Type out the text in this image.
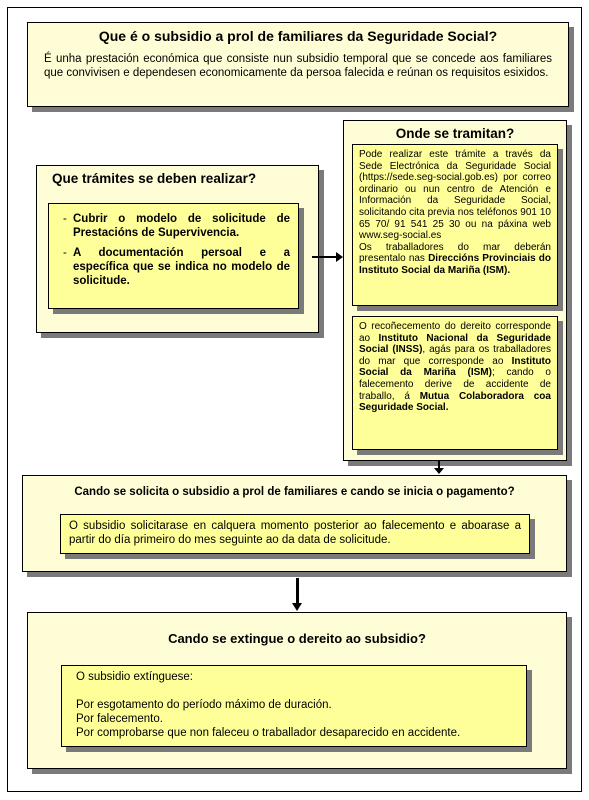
Que é o subsidio a prol de familiares da Seguridade Social?
É unha prestación económica que consiste nun subsidio temporal que se concede aos familiares que convivisen e dependesen economicamente da persoa falecida e reúnan os requisitos esixidos.
Que trámites se deben realizar?
- Cubrir o modelo de solicitude de Prestacións de Supervivencia.
- A documentación persoal e a específica que se indica no modelo de solicitude.
Onde se tramitan?
Pode realizar este trámite a través da Sede Electrónica da Seguridade Social (https://sede.seg-social.gob.es) por correo ordinario ou nun centro de Atención e Información da Seguridade Social, solicitando cita previa nos teléfonos 901 10 65 70/ 91 541 25 30 ou na páxina web www.seg-social.es
Os traballadores do mar deberán presentalo nas Direccións Provinciais do Instituto Social da Mariña (ISM).
O recoñecemento do dereito corresponde ao Instituto Nacional da Seguridade Social (INSS), agás para os traballadores do mar que corresponde ao Instituto Social da Mariña (ISM); cando o falecemento derive de accidente de traballo, á Mutua Colaboradora coa Seguridade Social.
Cando se solicita o subsidio a prol de familiares e cando se inicia o pagamento?
O subsidio solicitarase en calquera momento posterior ao falecemento e aboarase a partir do día primeiro do mes seguinte ao da data de solicitude.
Cando se extingue o dereito ao subsidio?
O subsidio extínguese:
Por esgotamento do período máximo de duración.
Por falecemento.
Por comprobarse que non faleceu o traballador desaparecido en accidente.
